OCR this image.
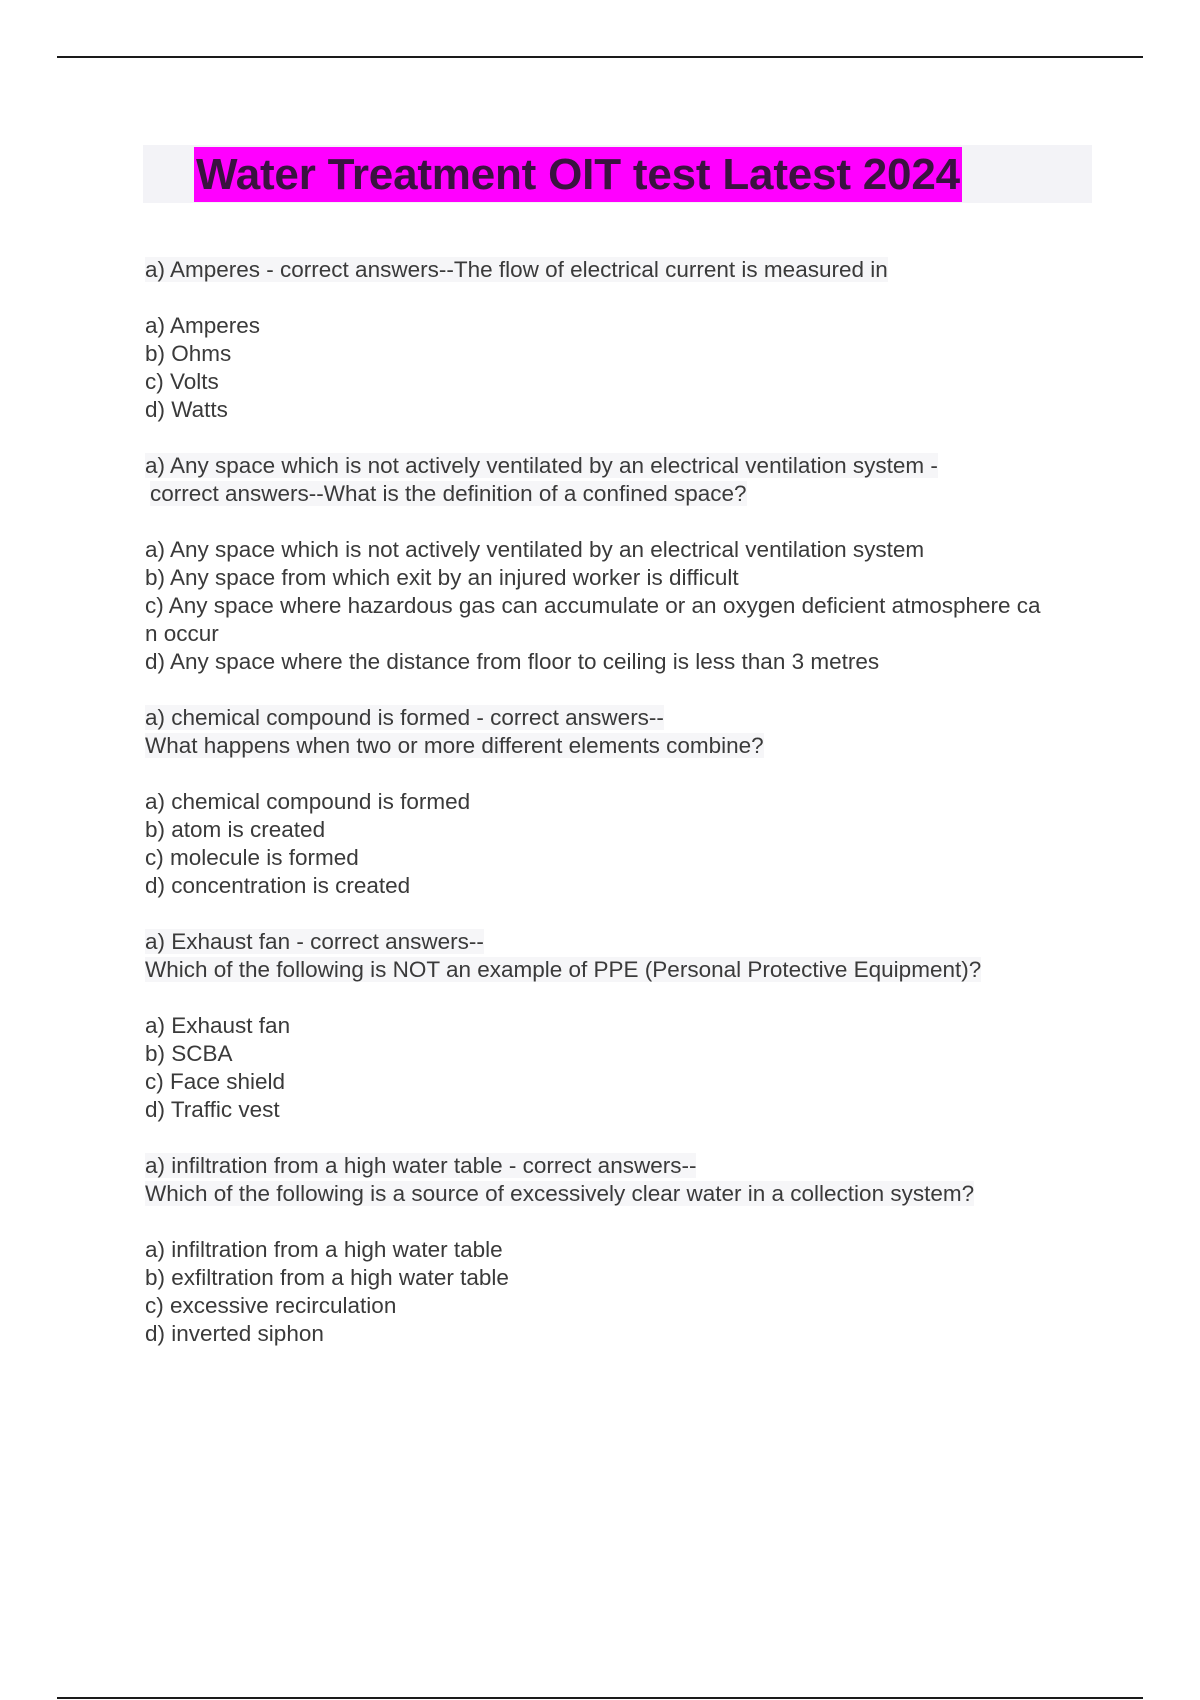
Water Treatment OIT test Latest 2024
a) Amperes - correct answers--The flow of electrical current is measured in
a) Amperes
b) Ohms
c) Volts
d) Watts
a) Any space which is not actively ventilated by an electrical ventilation system -
correct answers--What is the definition of a confined space?
a) Any space which is not actively ventilated by an electrical ventilation system
b) Any space from which exit by an injured worker is difficult
c) Any space where hazardous gas can accumulate or an oxygen deficient atmosphere ca
n occur
d) Any space where the distance from floor to ceiling is less than 3 metres
a) chemical compound is formed - correct answers--
What happens when two or more different elements combine?
a) chemical compound is formed
b) atom is created
c) molecule is formed
d) concentration is created
a) Exhaust fan - correct answers--
Which of the following is NOT an example of PPE (Personal Protective Equipment)?
a) Exhaust fan
b) SCBA
c) Face shield
d) Traffic vest
a) infiltration from a high water table - correct answers--
Which of the following is a source of excessively clear water in a collection system?
a) infiltration from a high water table
b) exfiltration from a high water table
c) excessive recirculation
d) inverted siphon
